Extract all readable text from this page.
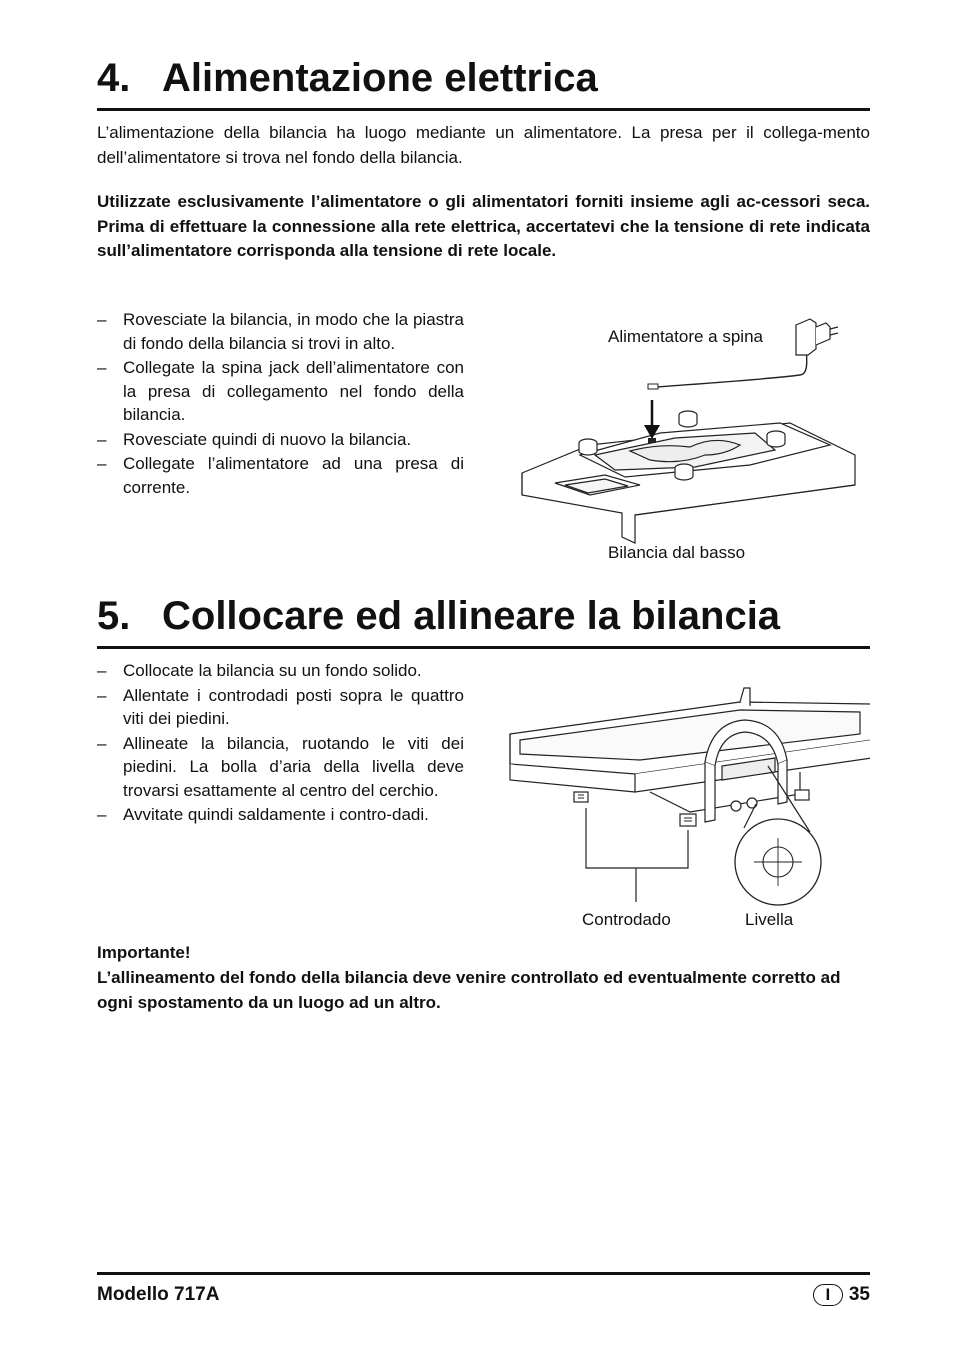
4. Alimentazione elettrica
L’alimentazione della bilancia ha luogo mediante un alimentatore. La presa per il collega-mento dell’alimentatore si trova nel fondo della bilancia.
Utilizzate esclusivamente l’alimentatore o gli alimentatori forniti insieme agli ac-cessori seca. Prima di effettuare la connessione alla rete elettrica, accertatevi che la tensione di rete indicata sull’alimentatore corrisponda alla tensione di rete locale.
– Rovesciate la bilancia, in modo che la piastra di fondo della bilancia si trovi in alto.
– Collegate la spina jack dell’alimentatore con la presa di collegamento nel fondo della bilancia.
– Rovesciate quindi di nuovo la bilancia.
– Collegate l’alimentatore ad una presa di corrente.
Alimentatore a spina
Bilancia dal basso
5. Collocare ed allineare la bilancia
– Collocate la bilancia su un fondo solido.
– Allentate i controdadi posti sopra le quattro viti dei piedini.
– Allineate la bilancia, ruotando le viti dei piedini. La bolla d’aria della livella deve trovarsi esattamente al centro del cerchio.
– Avvitate quindi saldamente i contro-dadi.
Controdado	Livella
Importante!
L’allineamento del fondo della bilancia deve venire controllato ed eventualmente corretto ad ogni spostamento da un luogo ad un altro.
Modello 717A	I 35
